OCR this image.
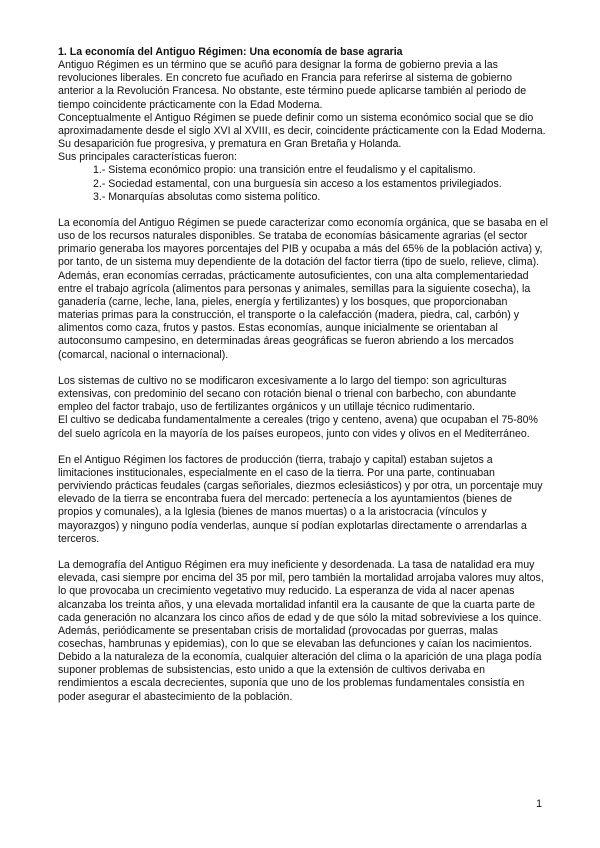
1. La economía del Antiguo Régimen: Una economía de base agraria

Antiguo Régimen es un término que se acuñó para designar la forma de gobierno previa a las revoluciones liberales. En concreto fue acuñado en Francia para referirse al sistema de gobierno anterior a la Revolución Francesa. No obstante, este término puede aplicarse también al periodo de tiempo coincidente prácticamente con la Edad Moderna.

Conceptualmente el Antiguo Régimen se puede definir como un sistema económico social que se dio aproximadamente desde el siglo XVI al XVIII, es decir, coincidente prácticamente con la Edad Moderna. Su desaparición fue progresiva, y prematura en Gran Bretaña y Holanda.

Sus principales características fueron:

1.- Sistema económico propio: una transición entre el feudalismo y el capitalismo.
2.- Sociedad estamental, con una burguesía sin acceso a los estamentos privilegiados.
3.- Monarquías absolutas como sistema político.

La economía del Antiguo Régimen se puede caracterizar como economía orgánica, que se basaba en el uso de los recursos naturales disponibles. Se trataba de economías básicamente agrarias (el sector primario generaba los mayores porcentajes del PIB y ocupaba a más del 65% de la población activa) y, por tanto, de un sistema muy dependiente de la dotación del factor tierra (tipo de suelo, relieve, clima). Además, eran economías cerradas, prácticamente autosuficientes, con una alta complementariedad entre el trabajo agrícola (alimentos para personas y animales, semillas para la siguiente cosecha), la ganadería (carne, leche, lana, pieles, energía y fertilizantes) y los bosques, que proporcionaban materias primas para la construcción, el transporte o la calefacción (madera, piedra, cal, carbón) y alimentos como caza, frutos y pastos. Estas economías, aunque inicialmente se orientaban al autoconsumo campesino, en determinadas áreas geográficas se fueron abriendo a los mercados (comarcal, nacional o internacional).

Los sistemas de cultivo no se modificaron excesivamente a lo largo del tiempo: son agriculturas extensivas, con predominio del secano con rotación bienal o trienal con barbecho, con abundante empleo del factor trabajo, uso de fertilizantes orgánicos y un utillaje técnico rudimentario.

El cultivo se dedicaba fundamentalmente a cereales (trigo y centeno, avena) que ocupaban el 75-80% del suelo agrícola en la mayoría de los países europeos, junto con vides y olivos en el Mediterráneo.

En el Antiguo Régimen los factores de producción (tierra, trabajo y capital) estaban sujetos a limitaciones institucionales, especialmente en el caso de la tierra. Por una parte, continuaban perviviendo prácticas feudales (cargas señoriales, diezmos eclesiásticos) y por otra, un porcentaje muy elevado de la tierra se encontraba fuera del mercado: pertenecía a los ayuntamientos (bienes de propios y comunales), a la Iglesia (bienes de manos muertas) o a la aristocracia (vínculos y mayorazgos) y ninguno podía venderlas, aunque sí podían explotarlas directamente o arrendarlas a terceros.

La demografía del Antiguo Régimen era muy ineficiente y desordenada. La tasa de natalidad era muy elevada, casi siempre por encima del 35 por mil, pero también la mortalidad arrojaba valores muy altos, lo que provocaba un crecimiento vegetativo muy reducido. La esperanza de vida al nacer apenas alcanzaba los treinta años, y una elevada mortalidad infantil era la causante de que la cuarta parte de cada generación no alcanzara los cinco años de edad y de que sólo la mitad sobreviviese a los quince. Además, periódicamente se presentaban crisis de mortalidad (provocadas por guerras, malas cosechas, hambrunas y epidemias), con lo que se elevaban las defunciones y caían los nacimientos. Debido a la naturaleza de la economía, cualquier alteración del clima o la aparición de una plaga podía suponer problemas de subsistencias, esto unido a que la extensión de cultivos derivaba en rendimientos a escala decrecientes, suponía que uno de los problemas fundamentales consistía en poder asegurar el abastecimiento de la población.

1
